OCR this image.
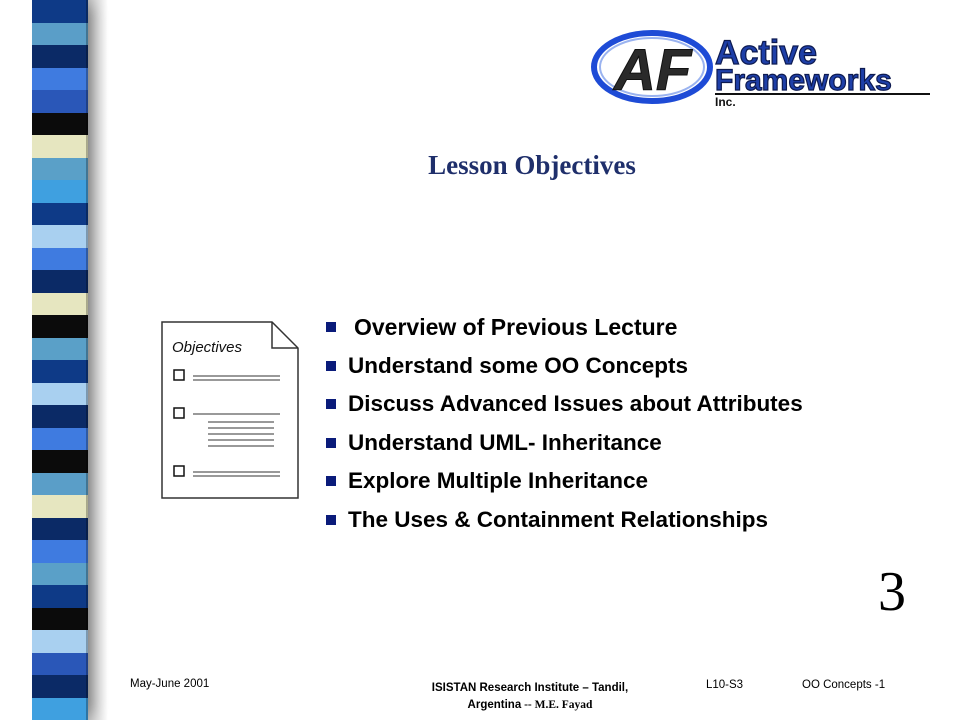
AF Active
Frameworks
Inc.
Lesson Objectives
Objectives
Overview of Previous Lecture
Understand some OO Concepts
Discuss Advanced Issues about Attributes
Understand UML- Inheritance
Explore Multiple Inheritance
The Uses & Containment Relationships
3
May-June 2001	ISISTAN Research Institute – Tandil,
Argentina -- M.E. Fayad
L10-S3	OO Concepts -1
